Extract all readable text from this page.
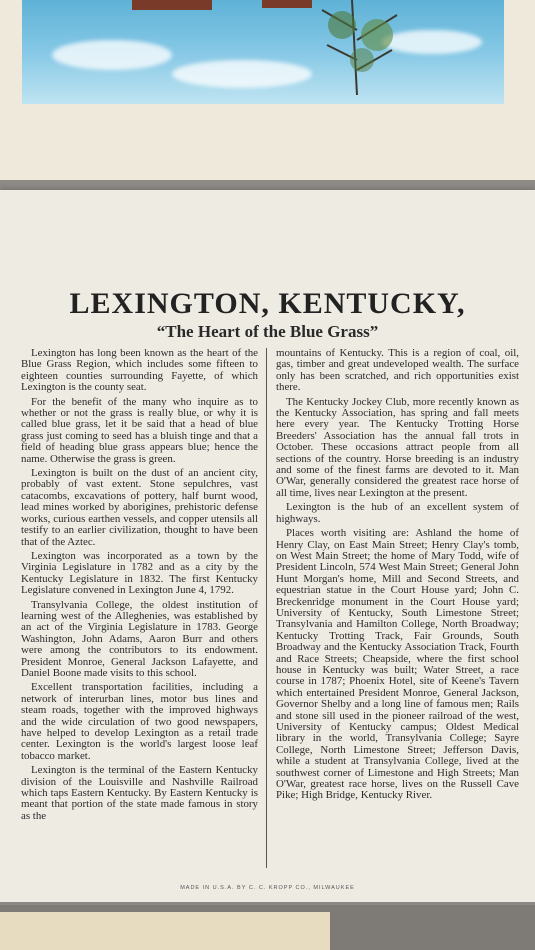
LEXINGTON, KENTUCKY,
“The Heart of the Blue Grass”

Lexington has long been known as the heart of the Blue Grass Region, which includes some fifteen to eighteen counties surrounding Fayette, of which Lexington is the county seat.

For the benefit of the many who inquire as to whether or not the grass is really blue, or why it is called blue grass, let it be said that a head of blue grass just coming to seed has a bluish tinge and that a field of heading blue grass appears blue; hence the name. Otherwise the grass is green.

Lexington is built on the dust of an ancient city, probably of vast extent. Stone sepulchres, vast catacombs, excavations of pottery, half burnt wood, lead mines worked by aborigines, prehistoric defense works, curious earthen vessels, and copper utensils all testify to an earlier civilization, thought to have been that of the Aztec.

Lexington was incorporated as a town by the Virginia Legislature in 1782 and as a city by the Kentucky Legislature in 1832. The first Kentucky Legislature convened in Lexington June 4, 1792.

Transylvania College, the oldest institution of learning west of the Alleghenies, was established by an act of the Virginia Legislature in 1783. George Washington, John Adams, Aaron Burr and others were among the contributors to its endowment. President Monroe, General Jackson Lafayette, and Daniel Boone made visits to this school.

Excellent transportation facilities, including a network of interurban lines, motor bus lines and steam roads, together with the improved highways and the wide circulation of two good newspapers, have helped to develop Lexington as a retail trade center. Lexington is the world's largest loose leaf tobacco market.

Lexington is the terminal of the Eastern Kentucky division of the Louisville and Nashville Railroad which taps Eastern Kentucky. By Eastern Kentucky is meant that portion of the state made famous in story as the

mountains of Kentucky. This is a region of coal, oil, gas, timber and great undeveloped wealth. The surface only has been scratched, and rich opportunities exist there.

The Kentucky Jockey Club, more recently known as the Kentucky Association, has spring and fall meets here every year. The Kentucky Trotting Horse Breeders' Association has the annual fall trots in October. These occasions attract people from all sections of the country. Horse breeding is an industry and some of the finest farms are devoted to it. Man O'War, generally considered the greatest race horse of all time, lives near Lexington at the present.

Lexington is the hub of an excellent system of highways.

Places worth visiting are: Ashland the home of Henry Clay, on East Main Street; Henry Clay's tomb, on West Main Street; the home of Mary Todd, wife of President Lincoln, 574 West Main Street; General John Hunt Morgan's home, Mill and Second Streets, and equestrian statue in the Court House yard; John C. Breckenridge monument in the Court House yard; University of Kentucky, South Limestone Street; Transylvania and Hamilton College, North Broadway; Kentucky Trotting Track, Fair Grounds, South Broadway and the Kentucky Association Track, Fourth and Race Streets; Cheapside, where the first school house in Kentucky was built; Water Street, a race course in 1787; Phoenix Hotel, site of Keene's Tavern which entertained President Monroe, General Jackson, Governor Shelby and a long line of famous men; Rails and stone sill used in the pioneer railroad of the west, University of Kentucky campus; Oldest Medical library in the world, Transylvania College; Sayre College, North Limestone Street; Jefferson Davis, while a student at Transylvania College, lived at the southwest corner of Limestone and High Streets; Man O'War, greatest race horse, lives on the Russell Cave Pike; High Bridge, Kentucky River.

MADE IN U.S.A. BY C. C. KROPP CO., MILWAUKEE
